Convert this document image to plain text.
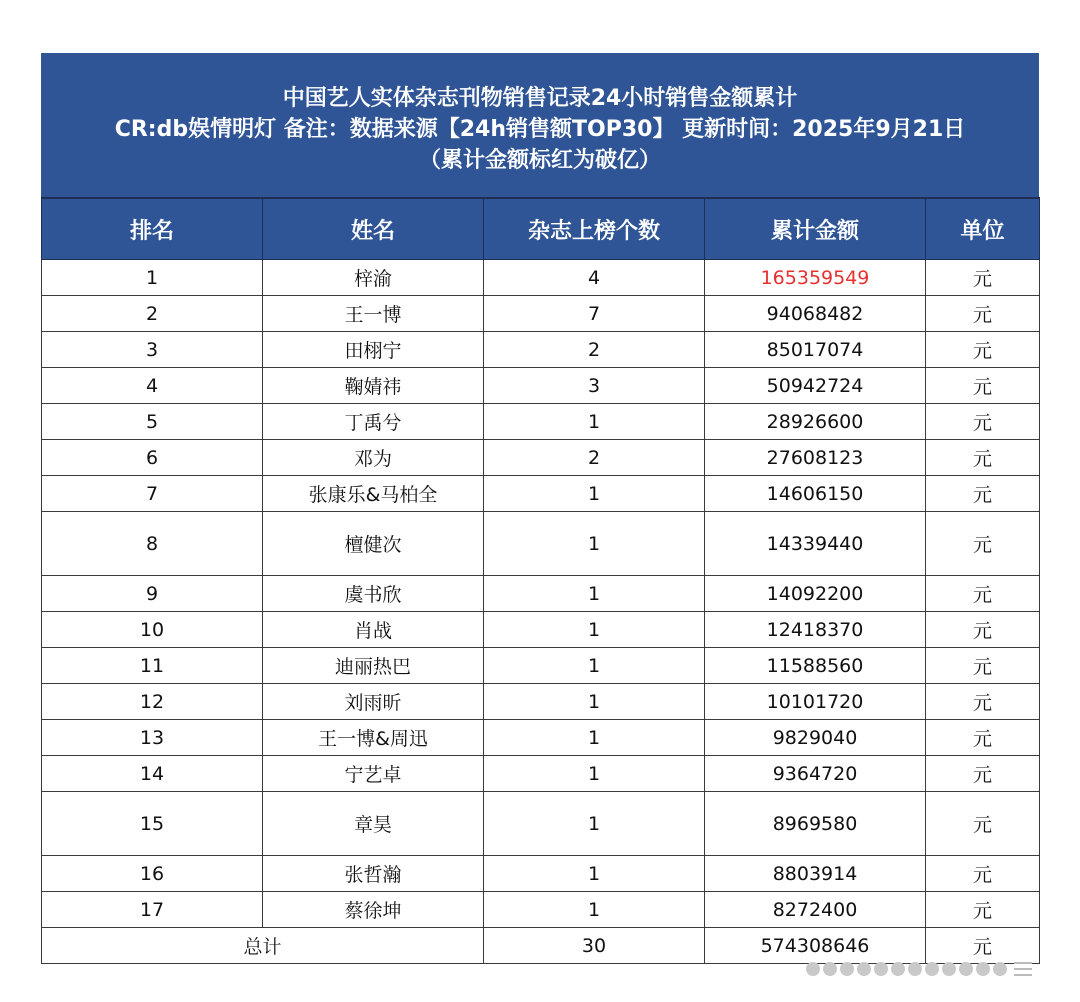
中国艺人实体杂志刊物销售记录24小时销售金额累计
CR:db娱情明灯 备注：数据来源【24h销售额TOP30】 更新时间：2025年9月21日
（累计金额标红为破亿）
排名	姓名	杂志上榜个数	累计金额	单位
1	梓渝	4	165359549	元
2	王一博	7	94068482	元
3	田栩宁	2	85017074	元
4	鞠婧祎	3	50942724	元
5	丁禹兮	1	28926600	元
6	邓为	2	27608123	元
7	张康乐&马柏全	1	14606150	元
8	檀健次	1	14339440	元
9	虞书欣	1	14092200	元
10	肖战	1	12418370	元
11	迪丽热巴	1	11588560	元
12	刘雨昕	1	10101720	元
13	王一博&周迅	1	9829040	元
14	宁艺卓	1	9364720	元
15	章昊	1	8969580	元
16	张哲瀚	1	8803914	元
17	蔡徐坤	1	8272400	元
总计		30	574308646	元
